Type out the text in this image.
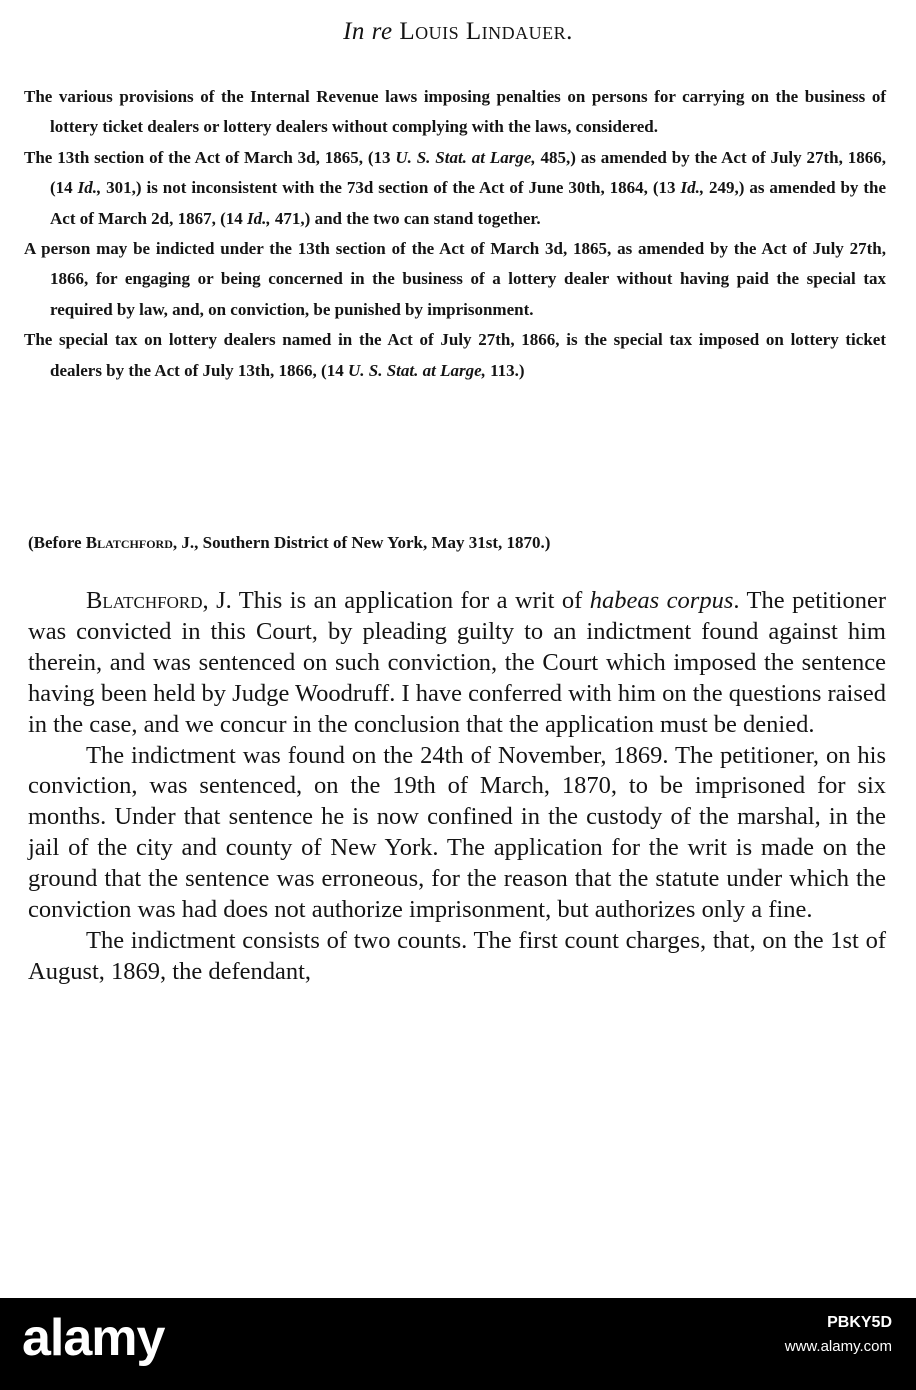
In re Louis Lindauer.

The various provisions of the Internal Revenue laws imposing penalties on persons for carrying on the business of lottery ticket dealers or lottery dealers without complying with the laws, considered.

The 13th section of the Act of March 3d, 1865, (13 U. S. Stat. at Large, 485,) as amended by the Act of July 27th, 1866, (14 Id., 301,) is not inconsistent with the 73d section of the Act of June 30th, 1864, (13 Id., 249,) as amended by the Act of March 2d, 1867, (14 Id., 471,) and the two can stand together.

A person may be indicted under the 13th section of the Act of March 3d, 1865, as amended by the Act of July 27th, 1866, for engaging or being concerned in the business of a lottery dealer without having paid the special tax required by law, and, on conviction, be punished by imprisonment.

The special tax on lottery dealers named in the Act of July 27th, 1866, is the special tax imposed on lottery ticket dealers by the Act of July 13th, 1866, (14 U. S. Stat. at Large, 113.)

(Before Blatchford, J., Southern District of New York, May 31st, 1870.)

Blatchford, J. This is an application for a writ of habeas corpus. The petitioner was convicted in this Court, by pleading guilty to an indictment found against him therein, and was sentenced on such conviction, the Court which imposed the sentence having been held by Judge Woodruff. I have conferred with him on the questions raised in the case, and we concur in the conclusion that the application must be denied.

The indictment was found on the 24th of November, 1869. The petitioner, on his conviction, was sentenced, on the 19th of March, 1870, to be imprisoned for six months. Under that sentence he is now confined in the custody of the marshal, in the jail of the city and county of New York. The application for the writ is made on the ground that the sentence was erroneous, for the reason that the statute under which the conviction was had does not authorize imprisonment, but authorizes only a fine.

The indictment consists of two counts. The first count charges, that, on the 1st of August, 1869, the defendant,

alamy	PBKY5D
www.alamy.com
